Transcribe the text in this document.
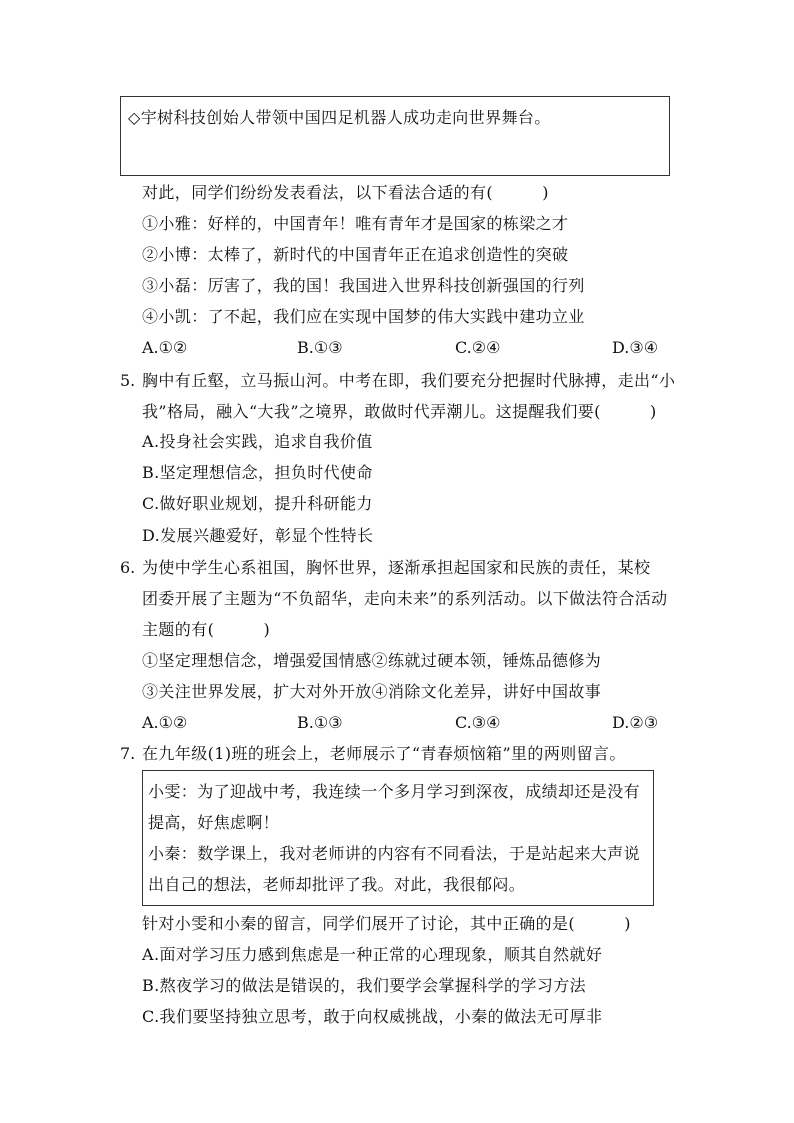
◇宇树科技创始人带领中国四足机器人成功走向世界舞台。
对此，同学们纷纷发表看法，以下看法合适的有(　　　)
①小雅：好样的，中国青年！唯有青年才是国家的栋梁之才
②小博：太棒了，新时代的中国青年正在追求创造性的突破
③小磊：厉害了，我的国！我国进入世界科技创新强国的行列
④小凯：了不起，我们应在实现中国梦的伟大实践中建功立业
A.①②	B.①③	C.②④	D.③④
5. 胸中有丘壑，立马振山河。中考在即，我们要充分把握时代脉搏，走出“小
我”格局，融入“大我”之境界，敢做时代弄潮儿。这提醒我们要(　　　)
A.投身社会实践，追求自我价值
B.坚定理想信念，担负时代使命
C.做好职业规划，提升科研能力
D.发展兴趣爱好，彰显个性特长
6. 为使中学生心系祖国，胸怀世界，逐渐承担起国家和民族的责任，某校
团委开展了主题为“不负韶华，走向未来”的系列活动。以下做法符合活动
主题的有(　　　)
①坚定理想信念，增强爱国情感②练就过硬本领，锤炼品德修为
③关注世界发展，扩大对外开放④消除文化差异，讲好中国故事
A.①②	B.①③	C.③④	D.②③
7. 在九年级(1)班的班会上，老师展示了“青春烦恼箱”里的两则留言。
小雯：为了迎战中考，我连续一个多月学习到深夜，成绩却还是没有
提高，好焦虑啊！
小秦：数学课上，我对老师讲的内容有不同看法，于是站起来大声说
出自己的想法，老师却批评了我。对此，我很郁闷。
针对小雯和小秦的留言，同学们展开了讨论，其中正确的是(　　　)
A.面对学习压力感到焦虑是一种正常的心理现象，顺其自然就好
B.熬夜学习的做法是错误的，我们要学会掌握科学的学习方法
C.我们要坚持独立思考，敢于向权威挑战，小秦的做法无可厚非
